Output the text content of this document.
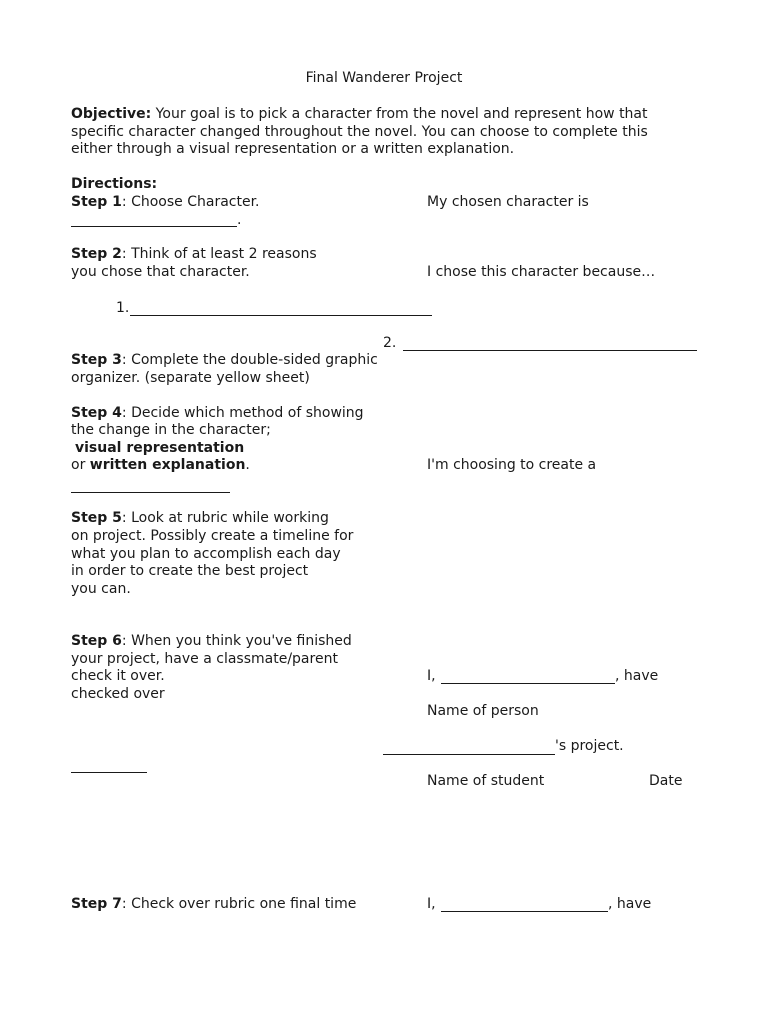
Final Wanderer Project
Objective: Your goal is to pick a character from the novel and represent how that
specific character changed throughout the novel. You can choose to complete this
either through a visual representation or a written explanation.
Directions:
Step 1: Choose Character.	My chosen character is
.
Step 2: Think of at least 2 reasons
you chose that character.	I chose this character because…
1.
2.
Step 3: Complete the double-sided graphic
organizer. (separate yellow sheet)
Step 4: Decide which method of showing
the change in the character;
visual representation
or written explanation.	I'm choosing to create a
Step 5: Look at rubric while working
on project. Possibly create a timeline for
what you plan to accomplish each day
in order to create the best project
you can.
Step 6: When you think you've finished
your project, have a classmate/parent
check it over.
checked over
I,	, have
Name of person
's project.
Name of student	Date
Step 7: Check over rubric one final time	I,	, have
